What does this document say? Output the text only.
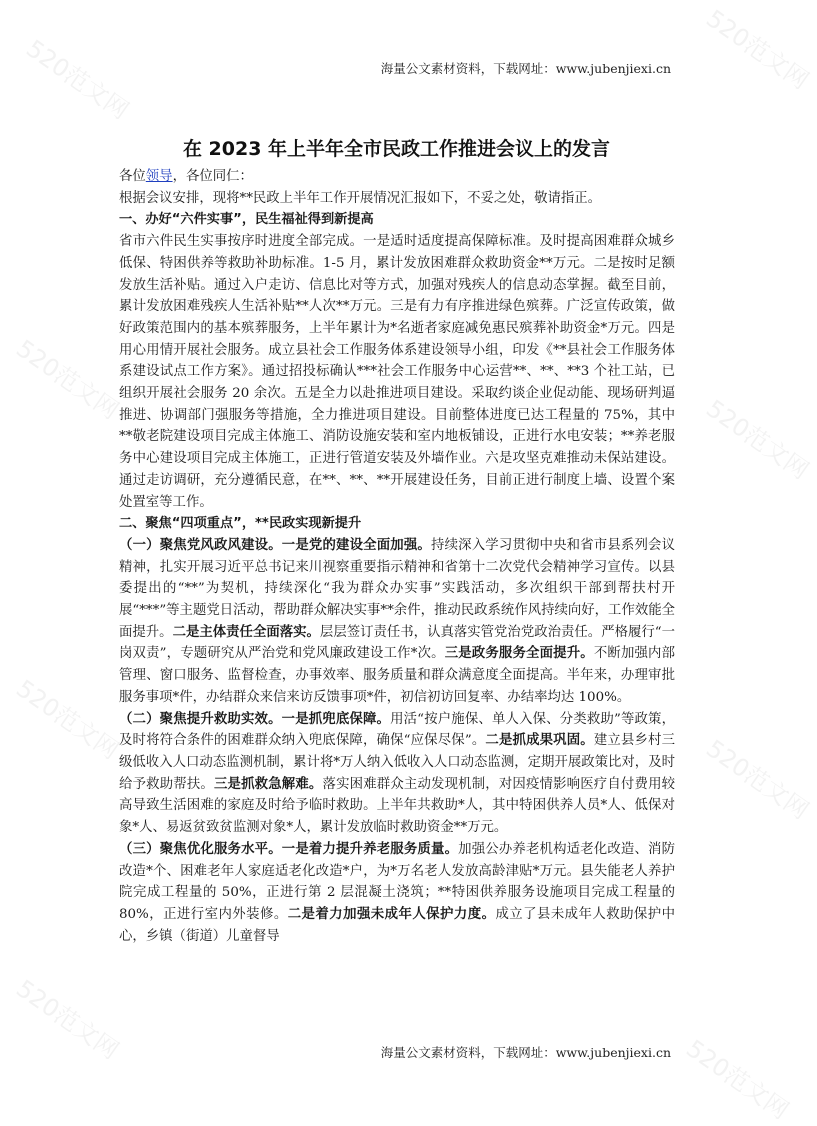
520范文网	520范文网
520范文网
520范文网
520范文网
520范文网
520范文网
520范文网
海量公文素材资料，下载网址：www.jubenjiexi.cn
在 2023 年上半年全市民政工作推进会议上的发言

各位领导，各位同仁：

根据会议安排，现将**民政上半年工作开展情况汇报如下，不妥之处，敬请指正。

一、办好“六件实事”，民生福祉得到新提高

省市六件民生实事按序时进度全部完成。一是适时适度提高保障标准。及时提高困难群众城乡低保、特困供养等救助补助标准。1-5 月，累计发放困难群众救助资金**万元。二是按时足额发放生活补贴。通过入户走访、信息比对等方式，加强对残疾人的信息动态掌握。截至目前，累计发放困难残疾人生活补贴**人次**万元。三是有力有序推进绿色殡葬。广泛宣传政策，做好政策范围内的基本殡葬服务，上半年累计为*名逝者家庭减免惠民殡葬补助资金*万元。四是用心用情开展社会服务。成立县社会工作服务体系建设领导小组，印发《**县社会工作服务体系建设试点工作方案》。通过招投标确认***社会工作服务中心运营**、**、**3 个社工站，已组织开展社会服务 20 余次。五是全力以赴推进项目建设。采取约谈企业促动能、现场研判逼推进、协调部门强服务等措施，全力推进项目建设。目前整体进度已达工程量的 75%，其中**敬老院建设项目完成主体施工、消防设施安装和室内地板铺设，正进行水电安装；**养老服务中心建设项目完成主体施工，正进行管道安装及外墙作业。六是攻坚克难推动未保站建设。通过走访调研，充分遵循民意，在**、**、**开展建设任务，目前正进行制度上墙、设置个案处置室等工作。

二、聚焦“四项重点”，**民政实现新提升

（一）聚焦党风政风建设。一是党的建设全面加强。持续深入学习贯彻中央和省市县系列会议精神，扎实开展习近平总书记来川视察重要指示精神和省第十二次党代会精神学习宣传。以县委提出的“**”为契机，持续深化“我为群众办实事”实践活动，多次组织干部到帮扶村开展“***”等主题党日活动，帮助群众解决实事**余件，推动民政系统作风持续向好，工作效能全面提升。二是主体责任全面落实。层层签订责任书，认真落实管党治党政治责任。严格履行“一岗双责”，专题研究从严治党和党风廉政建设工作*次。三是政务服务全面提升。不断加强内部管理、窗口服务、监督检查，办事效率、服务质量和群众满意度全面提高。半年来，办理审批服务事项*件，办结群众来信来访反馈事项*件，初信初访回复率、办结率均达 100%。

（二）聚焦提升救助实效。一是抓兜底保障。用活“按户施保、单人入保、分类救助”等政策，及时将符合条件的困难群众纳入兜底保障，确保“应保尽保”。二是抓成果巩固。建立县乡村三级低收入人口动态监测机制，累计将*万人纳入低收入人口动态监测，定期开展政策比对，及时给予救助帮扶。三是抓救急解难。落实困难群众主动发现机制，对因疫情影响医疗自付费用较高导致生活困难的家庭及时给予临时救助。上半年共救助*人，其中特困供养人员*人、低保对象*人、易返贫致贫监测对象*人，累计发放临时救助资金**万元。

（三）聚焦优化服务水平。一是着力提升养老服务质量。加强公办养老机构适老化改造、消防改造*个、困难老年人家庭适老化改造*户，为*万名老人发放高龄津贴*万元。县失能老人养护院完成工程量的 50%，正进行第 2 层混凝土浇筑；**特困供养服务设施项目完成工程量的 80%，正进行室内外装修。二是着力加强未成年人保护力度。成立了县未成年人救助保护中心，乡镇（街道）儿童督导

海量公文素材资料，下载网址：www.jubenjiexi.cn
